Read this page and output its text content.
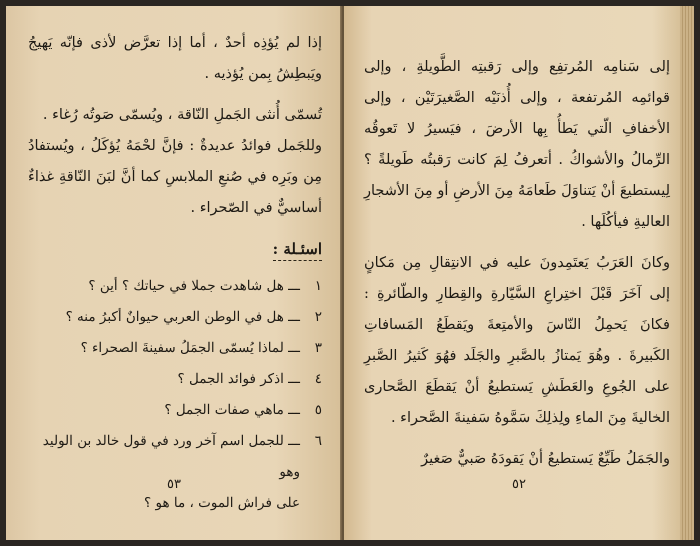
إذا لم يُؤذِه أحدٌ ، أما إذا تعرَّض لأذى فإنّه يَهيجُ ويَبطِشُ بِمن يُؤذيه .

تُسمّى أُنثى الجَملِ النّاقة ، ويُسمّى صَوتُه رُغاء .

وللجَمل فوائدُ عديدةٌ : فإنَّ لحْمَهُ يُؤكَلُ ، ويُستفادُ مِن وبَرِه في صُنعِ الملابسِ كما أنَّ لبَنَ النّاقةِ غذاءٌ أساسيٌّ في الصّحراء .

اسئـلة :
١
ـــ هل شاهدت جملا في حياتك ؟ أين ؟
٢
ـــ هل في الوطن العربي حيوانٌ أكبرُ منه ؟
٣
ـــ لماذا يُسمّى الجمَلُ سفينةَ الصحراء ؟
٤
ـــ اذكر فوائد الجمل ؟
٥
ـــ ماهي صفات الجمل ؟
٦
ـــ للجمل اسم آخر ورد في قول خالد بن الوليد وهو
على فراش الموت ، ما هو ؟
٥٣

إلى سَنامِه المُرتفِع وإلى رَقبتِه الطَّويلةِ ، وإلى قوائمِه المُرتفعة ، وإلى أُذنَيْه الصَّغيرَتَيْن ، وإلى الأخفافِ الّتي يَطأُ بِها الأرضَ ، فيَسيرُ لا تَعوقُه الرِّمالُ والأشواكُ . أتعرفُ لِمَ كانت رَقبتُه طَويلةً ؟ لِيستطيعَ أنْ يَتناوَلَ طَعامَهُ مِنَ الأرضِ أو مِنَ الأشجارِ العاليةِ فيأكُلَها .

وكانَ العَرَبُ يَعتَمِدونَ عليه في الانتِقالِ مِن مَكانٍ إلى آخَرَ قَبْلَ اختِراعِ السَّيّارةِ والقِطارِ والطّائرةِ : فكانَ يَحمِلُ النّاسَ والأمتِعةَ ويَقطَعُ المَسافاتِ الكَبيرةَ . وهُوَ يَمتازُ بالصَّبرِ والجَلَد فهُوَ كَثيرُ الصَّبرِ على الجُوعِ والعَطَشِ يَستطيعُ أنْ يَقطَعَ الصَّحارى الخاليةَ مِنَ الماءِ ولِذلِكَ سَمَّوهُ سَفينةَ الصَّحراء .

والجَمَلُ طَيِّعٌ يَستطيعُ أنْ يَقودَهُ صَبيٌّ صَغيرٌ

٥٢
